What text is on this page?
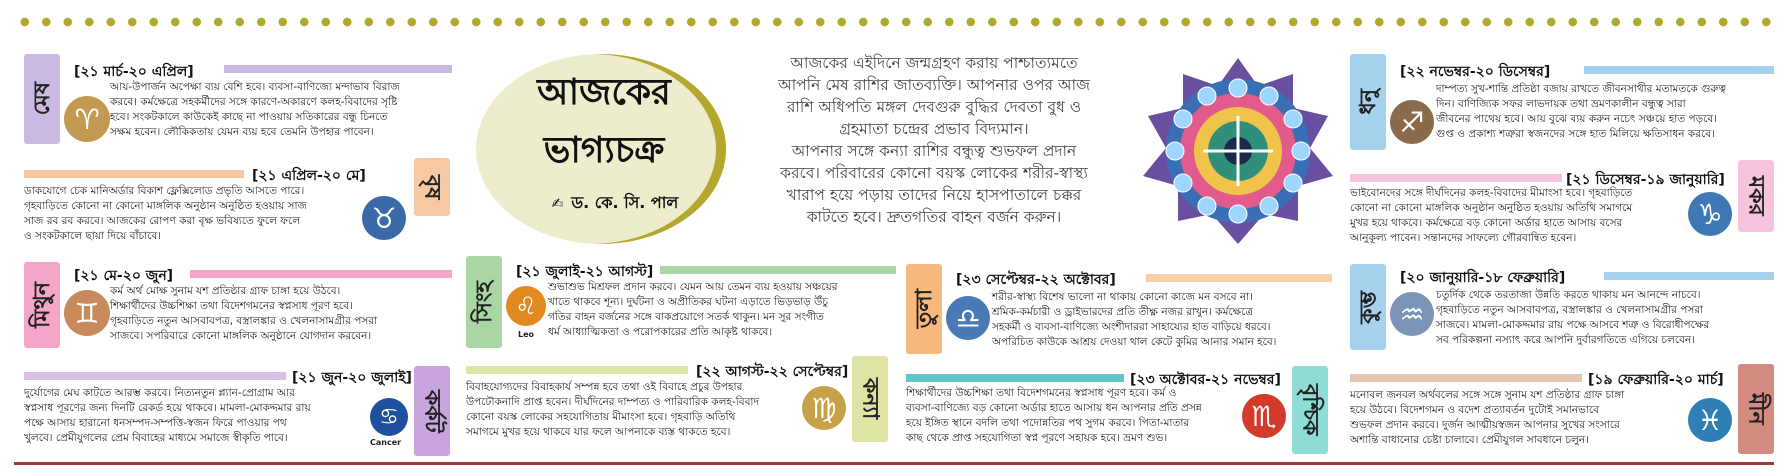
আজকের
ভাগ্যচক্র
✍ ড. কে. সি. পাল
আজকের এইদিনে জন্মগ্রহণ করায় পাশ্চাত্যমতে
আপনি মেষ রাশির জাতব্যক্তি। আপনার ওপর আজ
রাশি অধিপতি মঙ্গল দেবগুরু বুদ্ধির দেবতা বুধ ও
গ্রহমাতা চন্দ্রের প্রভাব বিদ্যমান।
আপনার সঙ্গে কন্যা রাশির বন্ধুত্ব শুভফল প্রদান
করবে। পরিবারের কোনো বয়স্ক লোকের শরীর-স্বাস্থ্য
খারাপ হয়ে পড়ায় তাদের নিয়ে হাসপাতালে চক্কর
কাটতে হবে। দ্রুতগতির বাহন বর্জন করুন।
মেষ
♈
[২১ মার্চ-২০ এপ্রিল]
আয়-উপার্জন অপেক্ষা ব্যয় বেশি হবে। ব্যবসা-বাণিজ্যে মন্দাভাব বিরাজ
করবে। কর্মক্ষেত্রে সহকর্মীদের সঙ্গে কারণে-অকারণে কলহ-বিবাদের সৃষ্টি
হবে। সংকটকালে কাউকেই কাছে না পাওয়ায় সতিকারের বন্ধু চিনতে
সক্ষম হবেন। লৌকিকতায় যেমন ব্যয় হবে তেমনি উপহার পাবেন।
[২১ এপ্রিল-২০ মে] বৃষ
♉
ডাকযোগে চেক মানিঅর্ডার বিকাশ ফ্লেক্সিলোড প্রভৃতি আসতে পারে।
গৃহবাড়িতে কোনো না কোনো মাঙ্গলিক অনুষ্ঠান অনুষ্ঠিত হওয়ায় সাজ
সাজ রব রব করবে। আজকের রোপণ করা বৃক্ষ ভবিষ্যতে ফুলে ফলে
ও সংকটকালে ছায়া দিয়ে বাঁচাবে।
মিথুন ♊
[২১ মে-২০ জুন]
কর্ম অর্থ মোক্ষ সুনাম যশ প্রতিষ্ঠার গ্রাফ চাঙ্গা হয়ে উঠবে।
শিক্ষার্থীদের উচ্চশিক্ষা তথা বিদেশগমনের স্বপ্নসাধ পূরণ হবে।
গৃহবাড়িতে নতুন আসবাবপত্র, বস্ত্রালঙ্কার ও খেলনাসামগ্রীর পসরা
সাজবে। সপরিবারে কোনো মাঙ্গলিক অনুষ্ঠানে যোগদান করবেন।
[২১ জুন-২০ জুলাই]
কর্কট
♋
Cancer
দুর্যোগের মেঘ কাটতে আরম্ভ করবে। নিত্যনতুন প্ল্যান-প্রোগ্রাম আর
স্বপ্নসাধ পূরণের জন্য দিনটি রেকর্ড হয়ে থাকবে। মামলা-মোকদ্দমার রায়
পক্ষে আসায় হারানো ধনসম্পদ-সম্পত্তি-স্বজন ফিরে পাওয়ার পথ
খুলবে। প্রেমীযুগলের প্রেম বিবাহের মাধ্যমে সমাজে স্বীকৃতি পাবে।
সিংহ ♌
Leo
[২১ জুলাই-২১ আগস্ট]
শুভাশুভ মিশ্রফল প্রদান করবে। যেমন আয় তেমন ব্যয় হওয়ায় সঞ্চয়ের
খাতে থাকবে শূন্য। দুর্ঘটনা ও অপ্রীতিকর ঘটনা এড়াতে ভিড়ভাড় উঁচু
গতির বাহন বর্জনের সঙ্গে বাকপ্রয়োগে সতর্ক থাকুন। মন সুর সংগীত
ধর্ম আধ্যাত্মিকতা ও পরোপকারের প্রতি আকৃষ্ট থাকবে।
[২২ আগস্ট-২২ সেপ্টেম্বর]
কন্যা
♍
বিবাহযোগ্যদের বিবাহকার্য সম্পন্ন হবে তথা ওই বিবাহে প্রচুর উপহার
উপঢৌকনাদি প্রাপ্ত হবেন। দীর্ঘদিনের দাম্পত্য ও পারিবারিক কলহ-বিবাদ
কোনো বয়স্ক লোকের সহযোগিতায় মীমাংসা হবে। গৃহবাড়ি অতিথি
সমাগমে মুখর হয়ে থাকবে যার ফলে আপনাকে ব্যস্ত থাকতে হবে।
তুলা ♎
[২৩ সেপ্টেম্বর-২২ অক্টোবর]
শরীর-স্বাস্থ্য বিশেষ ভালো না থাকায় কোনো কাজে মন বসবে না।
শ্রমিক-কর্মচারী ও ড্রাইভারদের প্রতি তীক্ষ্ণ নজর রাখুন। কর্মক্ষেত্রে
সহকর্মী ও ব্যবসা-বাণিজ্যে অংশীদাররা সাহায্যের হাত বাড়িয়ে ধরবে।
অপরিচিত কাউকে আশ্রয় দেওয়া থাল কেটে কুমির আনার সমান হবে।
[২৩ অক্টোবর-২১ নভেম্বর]
বৃশ্চিক
♏
শিক্ষার্থীদের উচ্চশিক্ষা তথা বিদেশগমনের স্বপ্নসাধ পূরণ হবে। কর্ম ও
ব্যবসা-বাণিজ্যে বড় কোনো অর্ডার হাতে আসায় ধন আপনার প্রতি প্রসন্ন
হয়ে ইঙ্গিত স্থানে বদলি তথা পদোন্নতির পথ সুগম করবে। পিতা-মাতার
কাছ থেকে প্রাপ্ত সহযোগিতা স্বপ্ন পূরণে সহায়ক হবে। ভ্রমণ শুভ।
ধনু
♐
[২২ নভেম্বর-২০ ডিসেম্বর]
দাম্পত্য সুখ-শান্তি প্রতিষ্ঠা বজায় রাখতে জীবনসাথীর মতামতকে গুরুত্ব
দিন। বাণিজ্যিক সফর লাভদায়ক তথা ভ্রমণকালীন বন্ধুত্ব সারা
জীবনের পাথেয় হবে। আয় বুঝে ব্যয় করুন নচেৎ সঞ্চয়ে হাত পড়বে।
গুপ্ত ও প্রকাশ্য শত্রুরা স্বজনদের সঙ্গে হাত মিলিয়ে ক্ষতিসাধন করবে।
[২১ ডিসেম্বর-১৯ জানুয়ারি] মকর
♑
ভাইবোনদের সঙ্গে দীর্ঘদিনের কলহ-বিবাদের মীমাংসা হবে। গৃহবাড়িতে
কোনো না কোনো মাঙ্গলিক অনুষ্ঠান অনুষ্ঠিত হওয়ায় অতিথি সমাগমে
মুখর হয়ে থাকবে। কর্মক্ষেত্রে বড় কোনো অর্ডার হাতে আসায় বসের
আনুকূল্য পাবেন। সন্তানদের সাফল্যে গৌরবান্বিত হবেন।
কুম্ভ ♒
[২০ জানুয়ারি-১৮ ফেব্রুয়ারি]
চতুর্দিক থেকে তরতাজা উন্নতি করতে থাকায় মন আনন্দে নাচবে।
গৃহবাড়িতে নতুন আসবাবপত্র, বস্ত্রালঙ্কার ও খেলনাসামগ্রীর পসরা
সাজবে। মামলা-মোকদ্দমার রায় পক্ষে আসবে শত্রু ও বিরোধীপক্ষের
সব পরিকল্পনা নস্যাৎ করে আপনি দুর্বারগতিতে এগিয়ে চলবেন।
[১৯ ফেব্রুয়ারি-২০ মার্চ]
মীন
♓
মনোবল জনবল অর্থবলের সঙ্গে সঙ্গে সুনাম যশ প্রতিষ্ঠার গ্রাফ চাঙ্গা
হয়ে উঠবে। বিদেশগমন ও বদেশ প্রত্যাবর্তন দুটোই সমানভাবে
শুভফল প্রদান করবে। দুর্জন আত্মীয়স্বজন আপনার সুখের সংসারে
অশান্তি বাধানোর চেষ্টা চালাবে। প্রেমীযুগল সাবধানে চলুন।
